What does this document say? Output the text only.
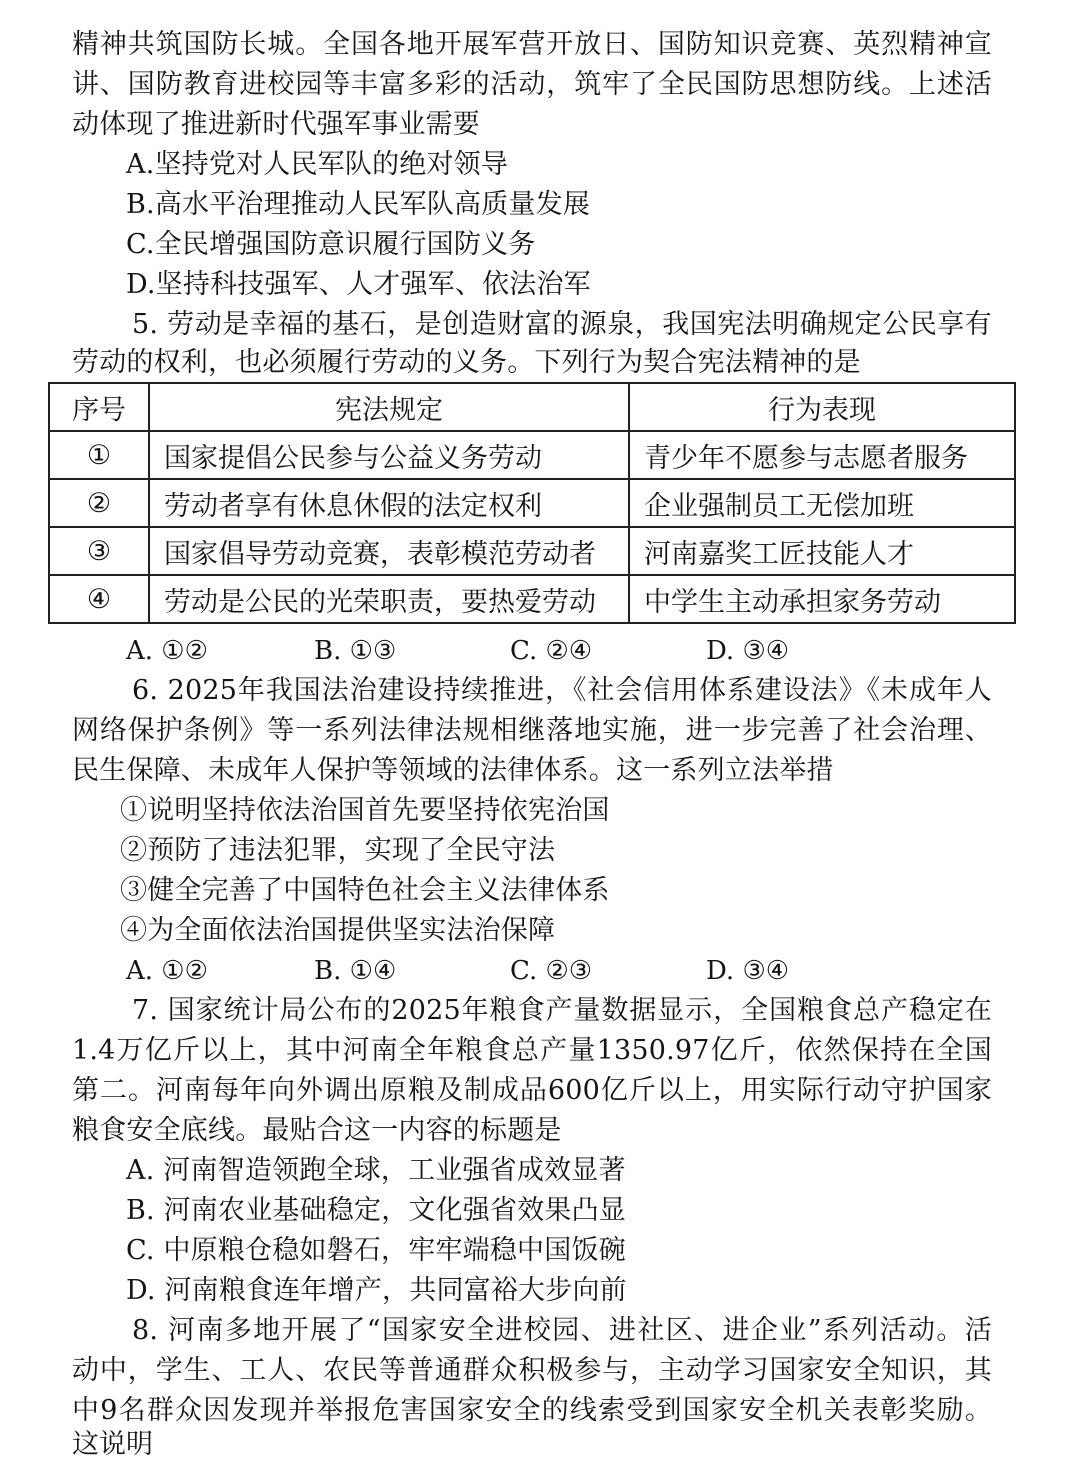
精神共筑国防长城。全国各地开展军营开放日、国防知识竞赛、英烈精神宣
讲、国防教育进校园等丰富多彩的活动，筑牢了全民国防思想防线。上述活
动体现了推进新时代强军事业需要
A.坚持党对人民军队的绝对领导
B.高水平治理推动人民军队高质量发展
C.全民增强国防意识履行国防义务
D.坚持科技强军、人才强军、依法治军
5. 劳动是幸福的基石，是创造财富的源泉，我国宪法明确规定公民享有
劳动的权利，也必须履行劳动的义务。下列行为契合宪法精神的是
序号	宪法规定	行为表现
①	国家提倡公民参与公益义务劳动	青少年不愿参与志愿者服务
②	劳动者享有休息休假的法定权利	企业强制员工无偿加班
③	国家倡导劳动竞赛，表彰模范劳动者	河南嘉奖工匠技能人才
④	劳动是公民的光荣职责，要热爱劳动	中学生主动承担家务劳动
A. ①②	B. ①③	C. ②④	D. ③④
6. 2025年我国法治建设持续推进，《社会信用体系建设法》《未成年人
网络保护条例》等一系列法律法规相继落地实施，进一步完善了社会治理、
民生保障、未成年人保护等领域的法律体系。这一系列立法举措
①说明坚持依法治国首先要坚持依宪治国
②预防了违法犯罪，实现了全民守法
③健全完善了中国特色社会主义法律体系
④为全面依法治国提供坚实法治保障
A. ①②	B. ①④	C. ②③	D. ③④
7. 国家统计局公布的2025年粮食产量数据显示，全国粮食总产稳定在
1.4万亿斤以上，其中河南全年粮食总产量1350.97亿斤，依然保持在全国
第二。河南每年向外调出原粮及制成品600亿斤以上，用实际行动守护国家
粮食安全底线。最贴合这一内容的标题是
A. 河南智造领跑全球，工业强省成效显著
B. 河南农业基础稳定，文化强省效果凸显
C. 中原粮仓稳如磐石，牢牢端稳中国饭碗
D. 河南粮食连年增产，共同富裕大步向前
8. 河南多地开展了“国家安全进校园、进社区、进企业”系列活动。活
动中，学生、工人、农民等普通群众积极参与，主动学习国家安全知识，其
中9名群众因发现并举报危害国家安全的线索受到国家安全机关表彰奖励。
这说明
